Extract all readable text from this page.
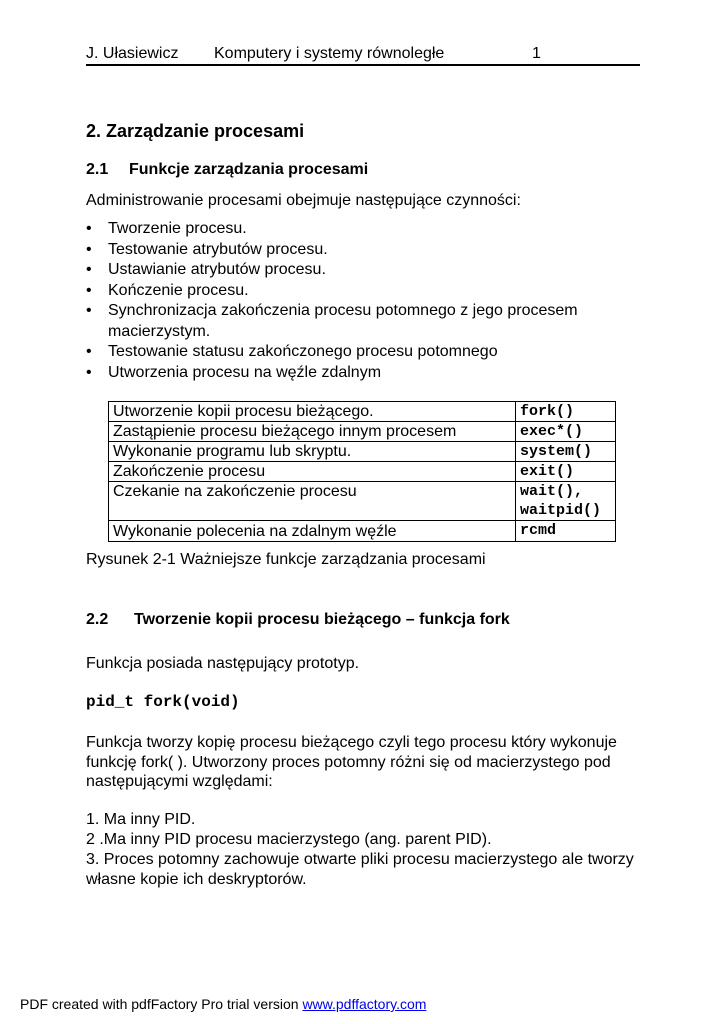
J. Ułasiewicz Komputery i systemy równoległe	1
2. Zarządzanie procesami
2.1 Funkcje zarządzania procesami
Administrowanie procesami obejmuje następujące czynności:
• Tworzenie procesu.
• Testowanie atrybutów procesu.
• Ustawianie atrybutów procesu.
• Kończenie procesu.
• Synchronizacja zakończenia procesu potomnego z jego procesem macierzystym.
• Testowanie statusu zakończonego procesu potomnego
• Utworzenia procesu na węźle zdalnym
Utworzenie kopii procesu bieżącego.	fork()
Zastąpienie procesu bieżącego innym procesem	exec*()
Wykonanie programu lub skryptu.	system()
Zakończenie procesu	exit()
Czekanie na zakończenie procesu	wait(),
waitpid()
Wykonanie polecenia na zdalnym węźle	rcmd
Rysunek 2-1 Ważniejsze funkcje zarządzania procesami
2.2 Tworzenie kopii procesu bieżącego – funkcja fork
Funkcja posiada następujący prototyp.
pid_t fork(void)
Funkcja tworzy kopię procesu bieżącego czyli tego procesu który wykonuje funkcję fork( ). Utworzony proces potomny różni się od macierzystego pod następującymi względami:
1. Ma inny PID.
2 .Ma inny PID procesu macierzystego (ang. parent PID).
3. Proces potomny zachowuje otwarte pliki procesu macierzystego ale tworzy własne kopie ich deskryptorów.
PDF created with pdfFactory Pro trial version www.pdffactory.com
